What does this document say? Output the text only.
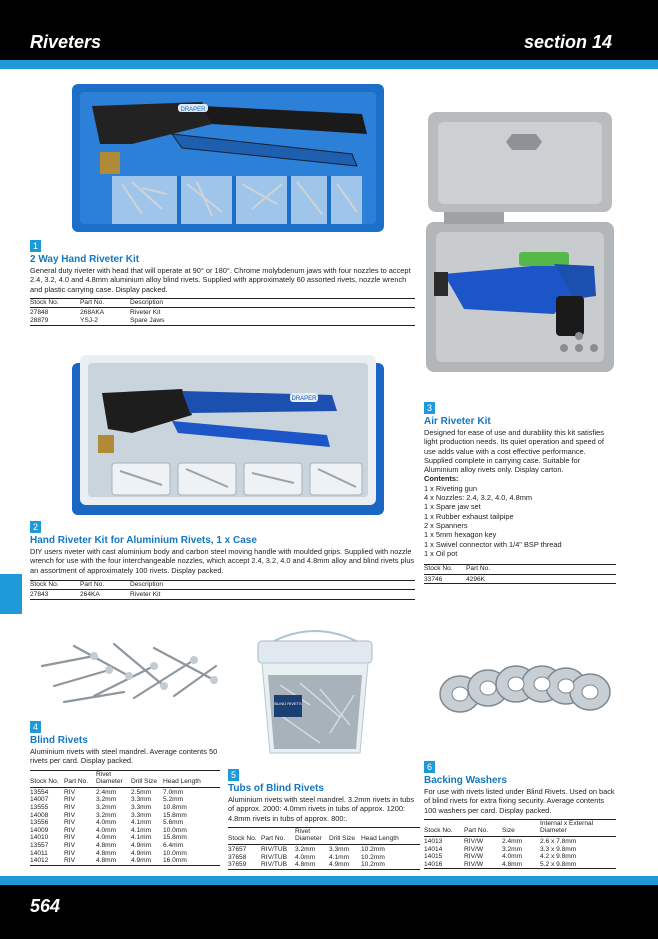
Riveters	section 14
DRAPER
1
2 Way Hand Riveter Kit
General duty riveter with head that will operate at 90° or 180°. Chrome molybdenum jaws with four nozzles to accept 2.4, 3.2, 4.0 and 4.8mm aluminium alloy blind rivets. Supplied with approximately 60 assorted rivets, nozzle wrench and plastic carrying case. Display packed.
Stock No.	Part No.	Description
27848	268AKA	Riveter Kit
28879	YSJ-2	Spare Jaws
3
Air Riveter Kit
Designed for ease of use and durability this kit satisfies light production needs. Its quiet operation and speed of use adds value with a cost effective performance. Supplied complete in carrying case. Suitable for Aluminium alloy rivets only. Display carton.
Contents:
1 x Riveting gun
4 x Nozzles: 2.4, 3.2, 4.0, 4.8mm
1 x Spare jaw set
1 x Rubber exhaust tailpipe
2 x Spanners
1 x 5mm hexagon key
1 x Swivel connector with 1/4" BSP thread
1 x Oil pot
Stock No.	Part No.
33746	4296K
DRAPER
2
Hand Riveter Kit for Aluminium Rivets, 1 x Case
DIY users riveter with cast aluminium body and carbon steel moving handle with moulded grips. Supplied with nozzle wrench for use with the four interchangeable nozzles, which accept 2.4, 3.2, 4.0 and 4.8mm alloy and blind rivets plus an assortment of approximately 100 rivets. Display packed.
Stock No.	Part No.	Description
27843	264KA	Riveter Kit
4
Blind Rivets
Aluminium rivets with steel mandrel. Average contents 50 rivets per card. Display packed.
Stock No.	Part No.	Rivet Diameter	Drill Size	Head Length
13554	RIV	2.4mm	2.5mm	7.0mm
14007	RIV	3.2mm	3.3mm	5.2mm
13555	RIV	3.2mm	3.3mm	10.8mm
14008	RIV	3.2mm	3.3mm	15.8mm
13556	RIV	4.0mm	4.1mm	5.6mm
14009	RIV	4.0mm	4.1mm	10.0mm
14010	RIV	4.0mm	4.1mm	15.8mm
13557	RIV	4.8mm	4.9mm	6.4mm
14011	RIV	4.8mm	4.9mm	10.0mm
14012	RIV	4.8mm	4.9mm	16.0mm
BLIND RIVETS
5
Tubs of Blind Rivets
Aluminium rivets with steel mandrel. 3.2mm rivets in tubs of approx. 2000: 4.0mm rivets in tubs of approx. 1200: 4.8mm rivets in tubs of approx. 800:.
Stock No.	Part No.	Rivet Diameter	Drill Size	Head Length
37657	RIV/TUB	3.2mm	3.3mm	10.2mm
37658	RIV/TUB	4.0mm	4.1mm	10.2mm
37659	RIV/TUB	4.8mm	4.9mm	10.2mm
6
Backing Washers
For use with rivets listed under Blind Rivets. Used on back of blind rivets for extra fixing security. Average contents 100 washers per card. Display packed.
Stock No.	Part No.	Size	Internal x External Diameter
14013	RIV/W	2.4mm	2.6 x 7.8mm
14014	RIV/W	3.2mm	3.3 x 9.8mm
14015	RIV/W	4.0mm	4.2 x 9.8mm
14016	RIV/W	4.8mm	5.2 x 9.8mm
564
